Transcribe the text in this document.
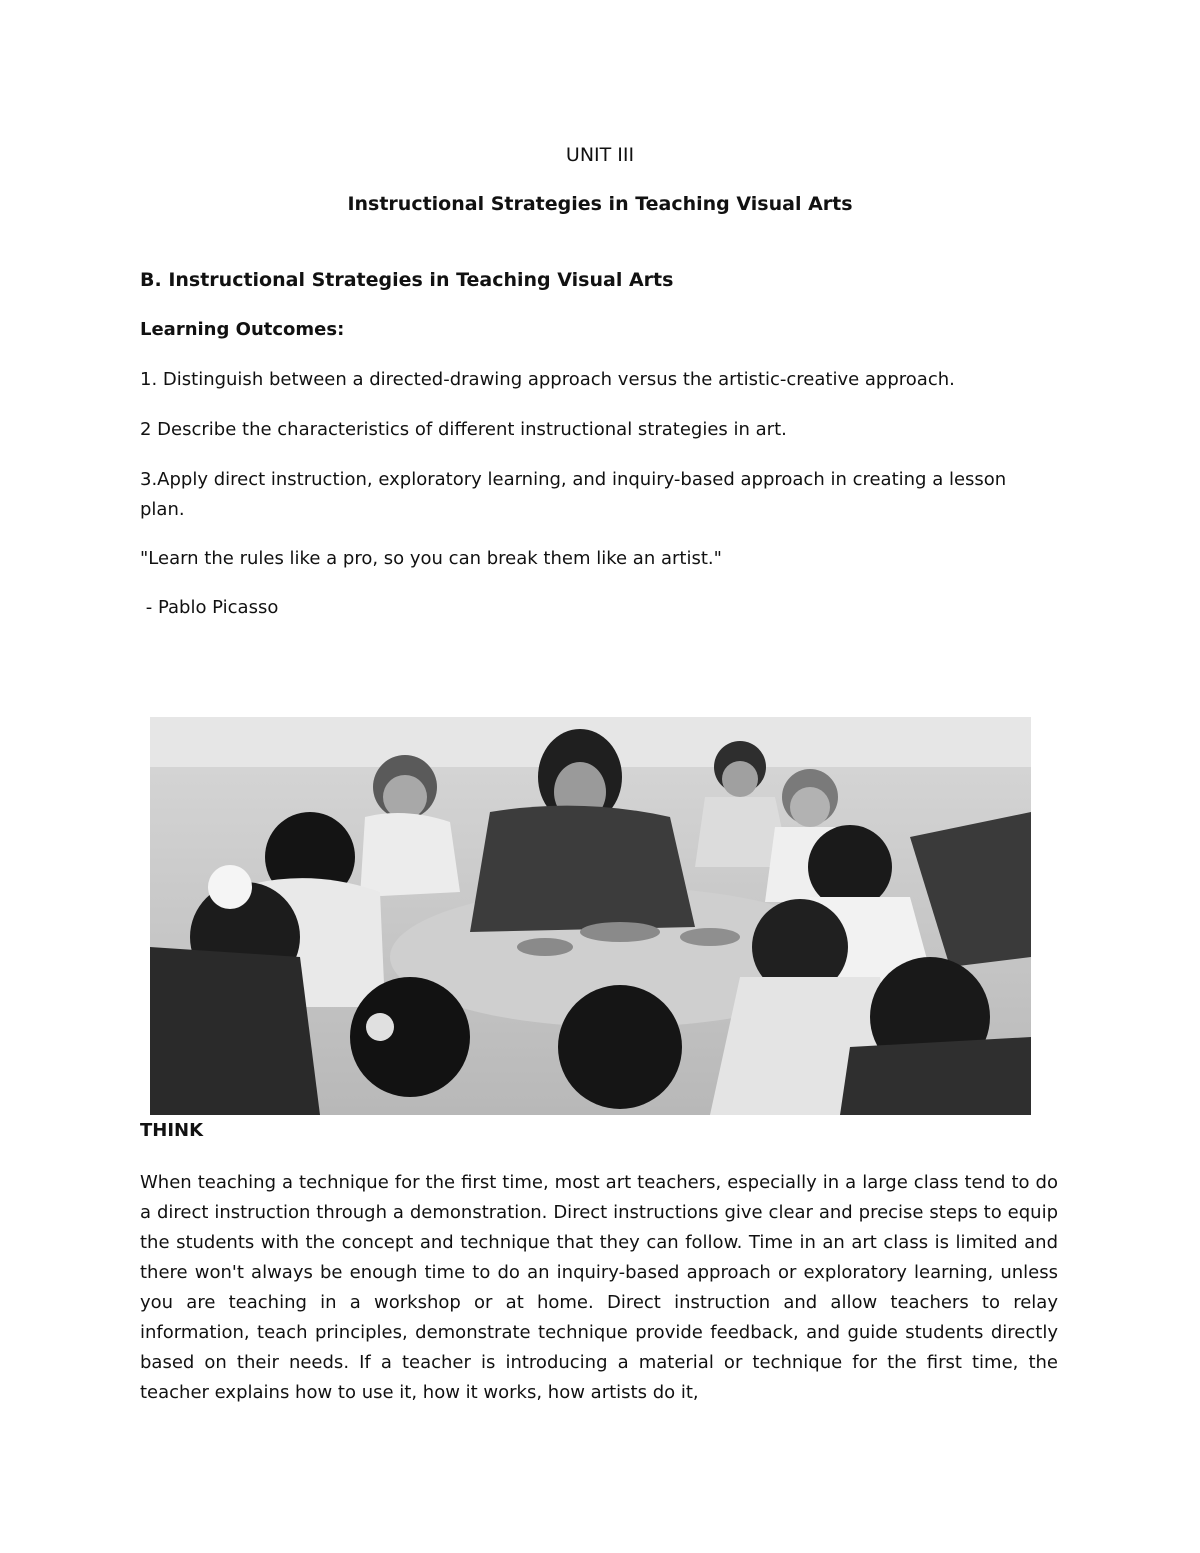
UNIT III
Instructional Strategies in Teaching Visual Arts
B. Instructional Strategies in Teaching Visual Arts
Learning Outcomes:
1. Distinguish between a directed-drawing approach versus the artistic-creative approach.
2 Describe the characteristics of different instructional strategies in art.
3.Apply direct instruction, exploratory learning, and inquiry-based approach in creating a lesson
plan.
"Learn the rules like a pro, so you can break them like an artist."
- Pablo Picasso
THINK
When teaching a technique for the first time, most art teachers, especially in a large class tend to do a direct instruction through a demonstration. Direct instructions give clear and precise steps to equip the students with the concept and technique that they can follow. Time in an art class is limited and there won't always be enough time to do an inquiry-based approach or exploratory learning, unless you are teaching in a workshop or at home. Direct instruction and allow teachers to relay information, teach principles, demonstrate technique provide feedback, and guide students directly based on their needs. If a teacher is introducing a material or technique for the first time, the teacher explains how to use it, how it works, how artists do it,
